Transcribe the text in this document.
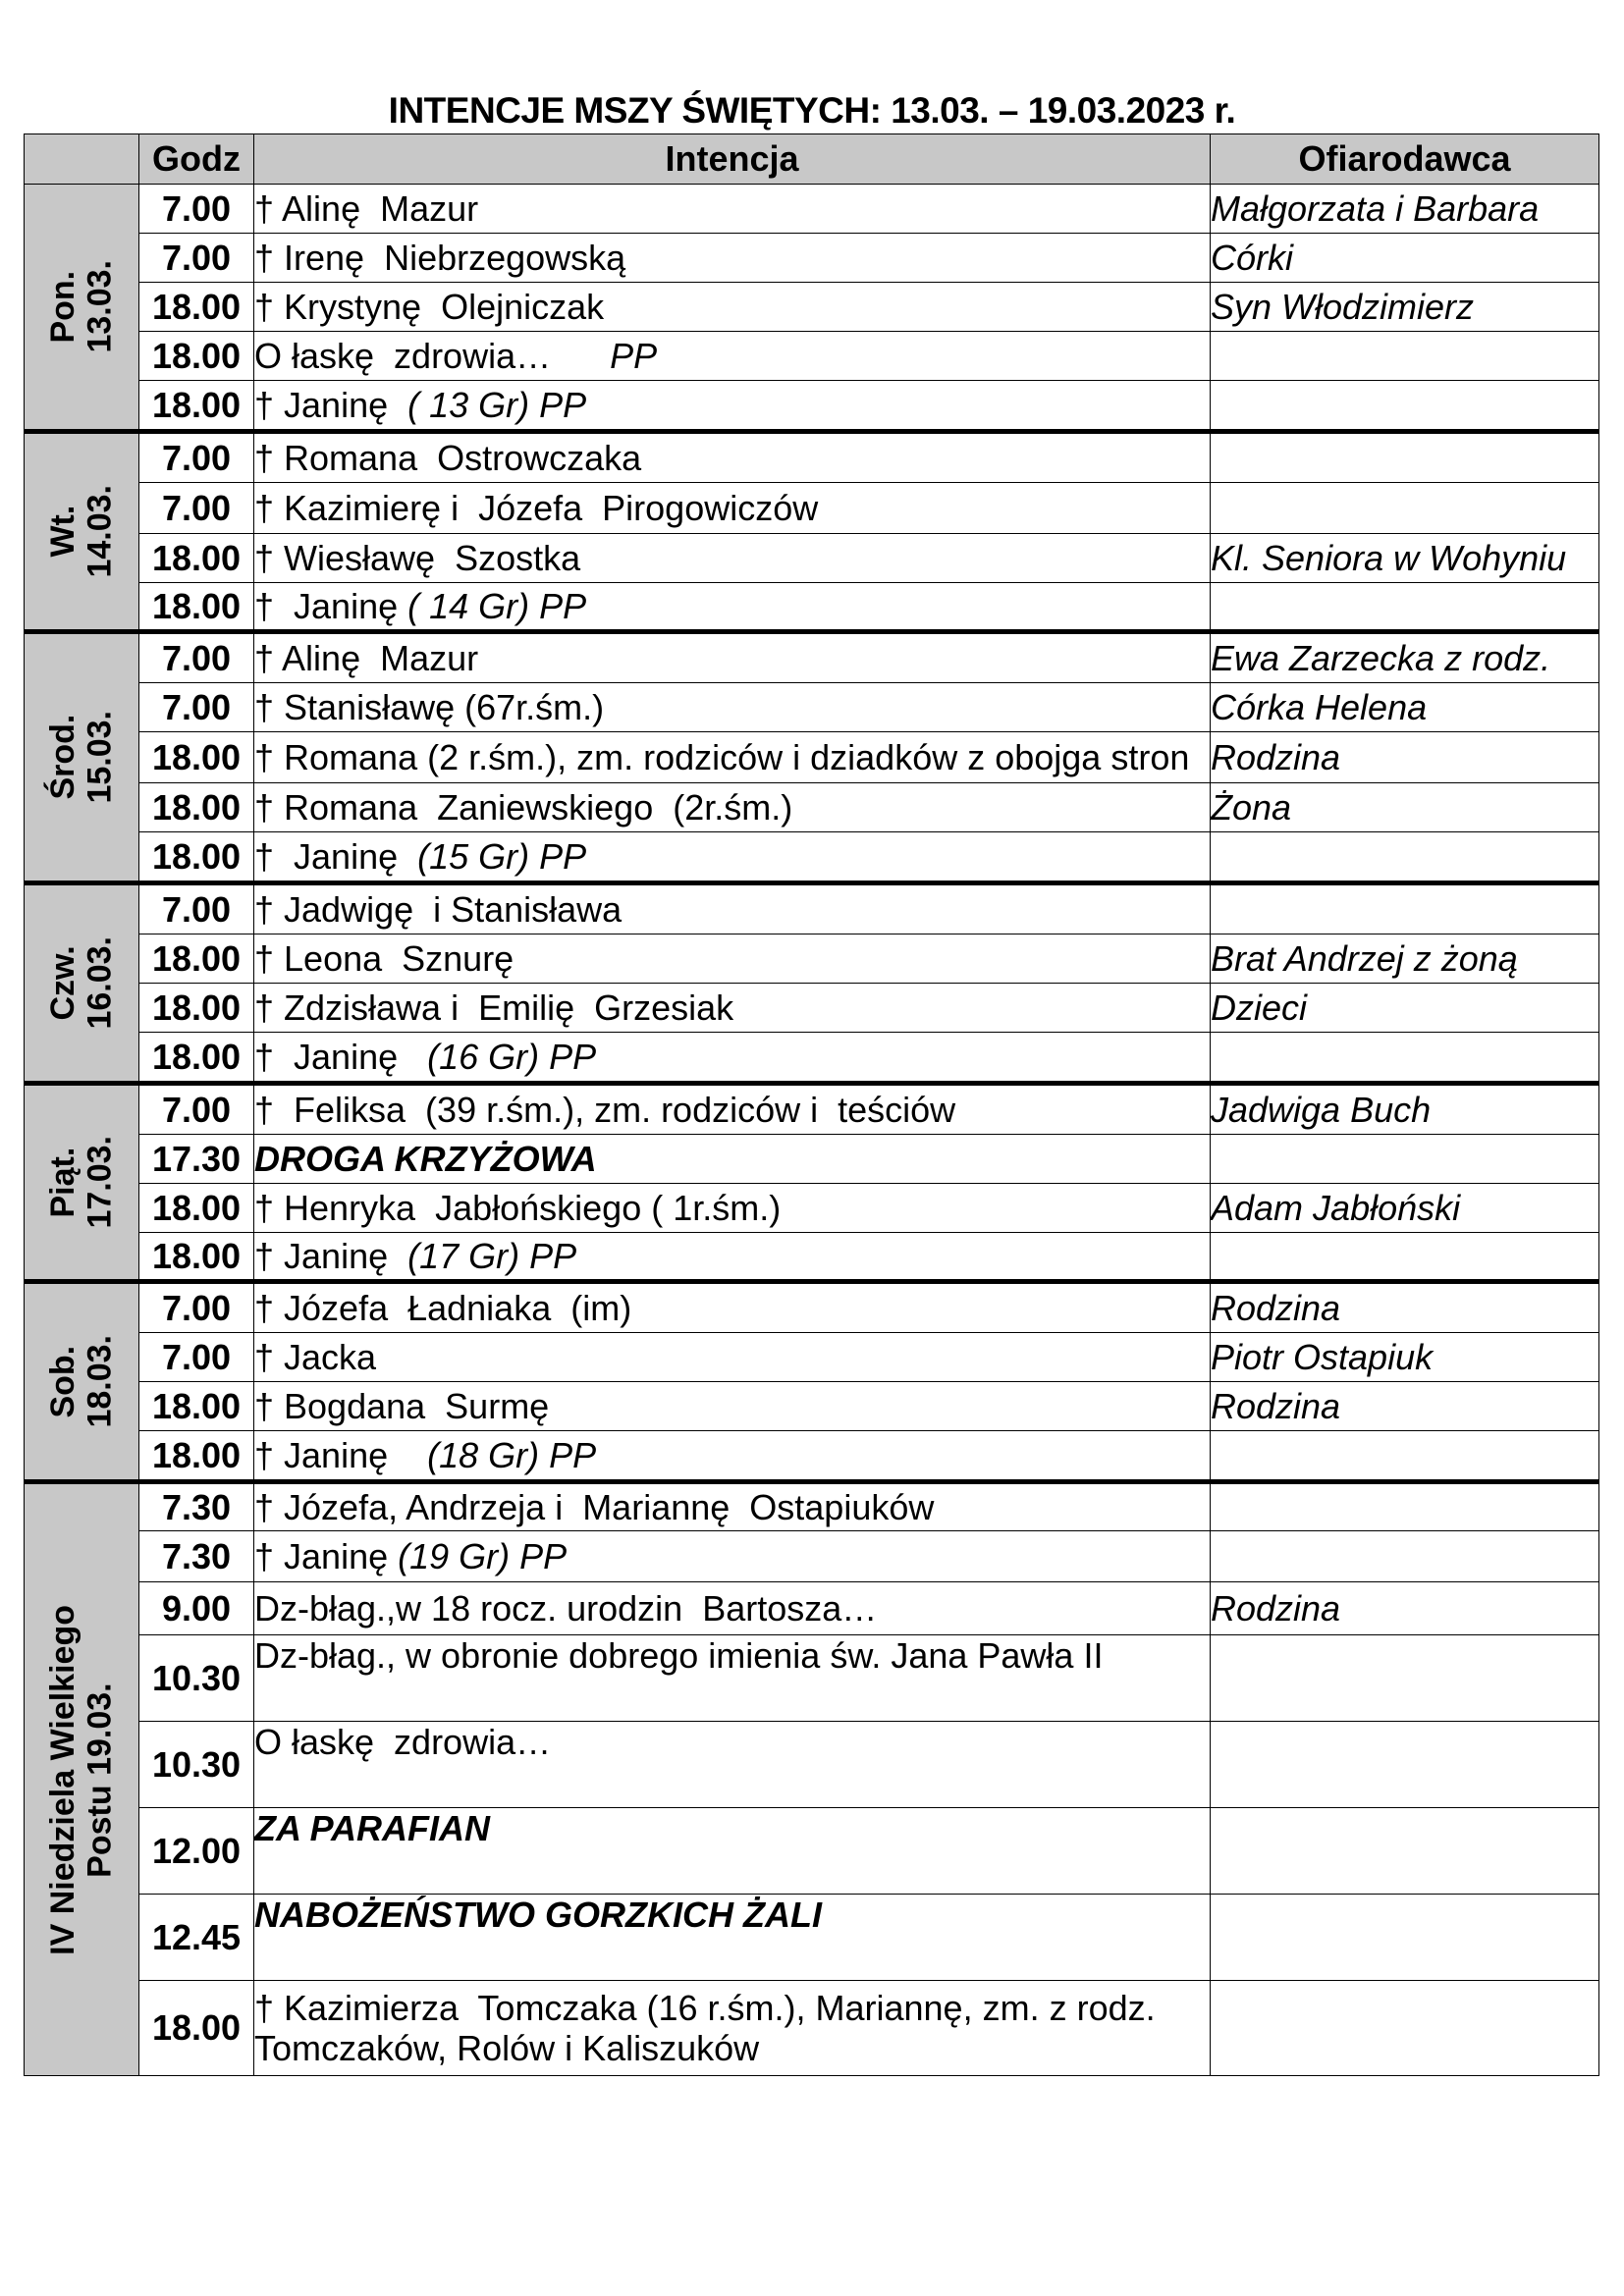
INTENCJE MSZY ŚWIĘTYCH: 13.03. – 19.03.2023 r.
	Godz	Intencja	Ofiarodawca

Pon. 13.03.	7.00	† Alinę  Mazur	Małgorzata i Barbara
	7.00	† Irenę  Niebrzegowską	Córki
	18.00	† Krystynę  Olejniczak	Syn Włodzimierz
	18.00	O łaskę  zdrowia…      PP	
	18.00	† Janinę  ( 13 Gr) PP	

Wt. 14.03.	7.00	† Romana  Ostrowczaka	
	7.00	† Kazimierę i  Józefa  Pirogowiczów	
	18.00	† Wiesławę  Szostka	Kl. Seniora w Wohyniu
	18.00	†  Janinę ( 14 Gr) PP	

Środ. 15.03.	7.00	† Alinę  Mazur	Ewa Zarzecka z rodz.
	7.00	† Stanisławę (67r.śm.)	Córka Helena
	18.00	† Romana (2 r.śm.), zm. rodziców i dziadków z obojga stron	Rodzina
	18.00	† Romana  Zaniewskiego  (2r.śm.)	Żona
	18.00	†  Janinę  (15 Gr) PP	

Czw. 16.03.	7.00	† Jadwigę  i Stanisława	
	18.00	† Leona  Sznurę	Brat Andrzej z żoną
	18.00	† Zdzisława i  Emilię  Grzesiak	Dzieci
	18.00	†  Janinę   (16 Gr) PP	

Piąt. 17.03.	7.00	†  Feliksa  (39 r.śm.), zm. rodziców i  teściów	Jadwiga Buch
	17.30	DROGA KRZYŻOWA	
	18.00	† Henryka  Jabłońskiego ( 1r.śm.)	Adam Jabłoński
	18.00	† Janinę  (17 Gr) PP	

Sob. 18.03.	7.00	† Józefa  Ładniaka  (im)	Rodzina
	7.00	† Jacka	Piotr Ostapiuk
	18.00	† Bogdana  Surmę	Rodzina
	18.00	† Janinę    (18 Gr) PP	

IV Niedziela Wielkiego Postu 19.03.	7.30	† Józefa, Andrzeja i  Mariannę  Ostapiuków	
	7.30	† Janinę (19 Gr) PP	
	9.00	Dz-błag.,w 18 rocz. urodzin  Bartosza…	Rodzina
	10.30	Dz-błag., w obronie dobrego imienia św. Jana Pawła II	
	10.30	O łaskę  zdrowia…	
	12.00	ZA PARAFIAN	
	12.45	NABOŻEŃSTWO GORZKICH ŻALI	
	18.00	† Kazimierza  Tomczaka (16 r.śm.), Mariannę, zm. z rodz.
Tomczaków, Rolów i Kaliszuków	
